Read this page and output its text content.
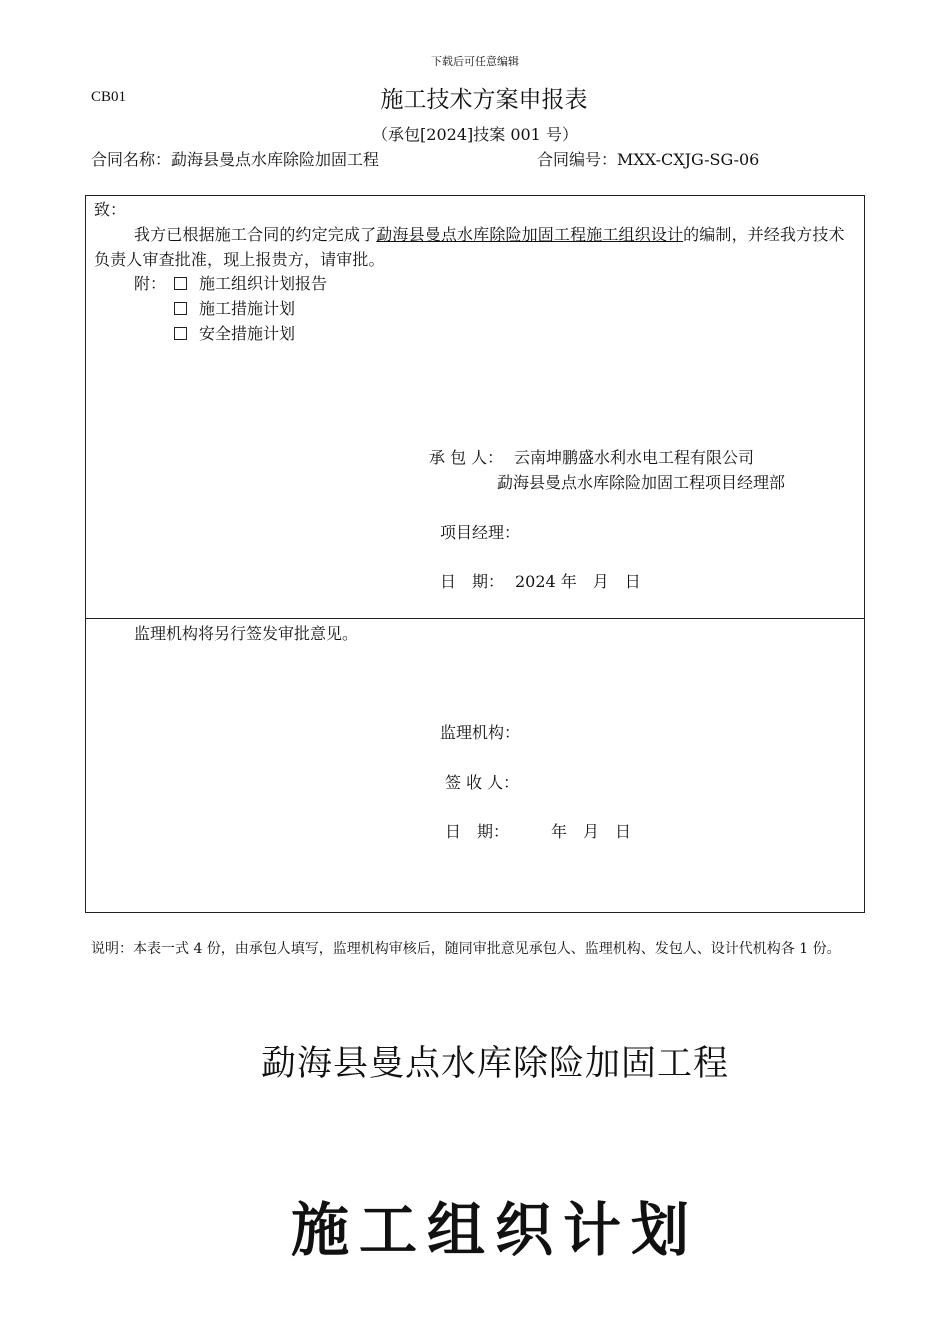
下载后可任意编辑
CB01	施工技术方案申报表
（承包[2024]技案 001 号）
合同名称：勐海县曼点水库除险加固工程	合同编号：MXX-CXJG-SG-06
致：
我方已根据施工合同的约定完成了勐海县曼点水库除险加固工程施工组织设计的编制，并经我方技术负责人审查批准，现上报贵方，请审批。
附：	施工组织计划报告
施工措施计划
安全措施计划
承 包 人： 云南坤鹏盛水利水电工程有限公司
勐海县曼点水库除险加固工程项目经理部
项目经理：
日　期： 2024 年　月　日
监理机构将另行签发审批意见。
监理机构：
签 收 人：
日　期：	年　月　日
说明：本表一式 4 份，由承包人填写，监理机构审核后，随同审批意见承包人、监理机构、发包人、设计代机构各 1 份。
勐海县曼点水库除险加固工程
施工组织计划
